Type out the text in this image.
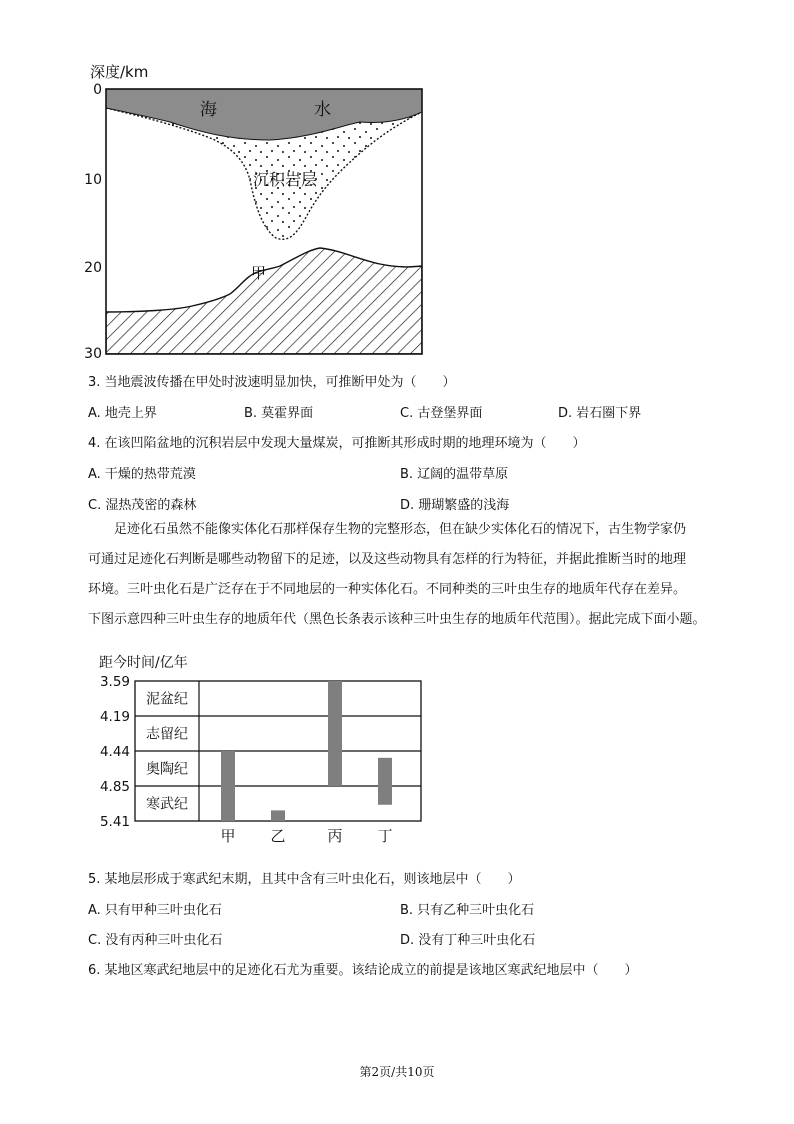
深度/km
0
10
20
30
海	水
沉积岩层
甲
3. 当地震波传播在甲处时波速明显加快，可推断甲处为（　　）
A. 地壳上界	B. 莫霍界面	C. 古登堡界面	D. 岩石圈下界
4. 在该凹陷盆地的沉积岩层中发现大量煤炭，可推断其形成时期的地理环境为（　　）
A. 干燥的热带荒漠	B. 辽阔的温带草原
C. 湿热茂密的森林	D. 珊瑚繁盛的浅海

　　足迹化石虽然不能像实体化石那样保存生物的完整形态，但在缺少实体化石的情况下，古生物学家仍

可通过足迹化石判断是哪些动物留下的足迹，以及这些动物具有怎样的行为特征，并据此推断当时的地理

环境。三叶虫化石是广泛存在于不同地层的一种实体化石。不同种类的三叶虫生存的地质年代存在差异。

下图示意四种三叶虫生存的地质年代（黑色长条表示该种三叶虫生存的地质年代范围）。据此完成下面小题。

距今时间/亿年
3.59
4.19
4.44
4.85
5.41
泥盆纪
志留纪
奥陶纪
寒武纪
甲 乙	丙 丁
5. 某地层形成于寒武纪末期，且其中含有三叶虫化石，则该地层中（　　）
A. 只有甲种三叶虫化石	B. 只有乙种三叶虫化石
C. 没有丙种三叶虫化石	D. 没有丁种三叶虫化石
6. 某地区寒武纪地层中的足迹化石尤为重要。该结论成立的前提是该地区寒武纪地层中（　　）
第2页/共10页
